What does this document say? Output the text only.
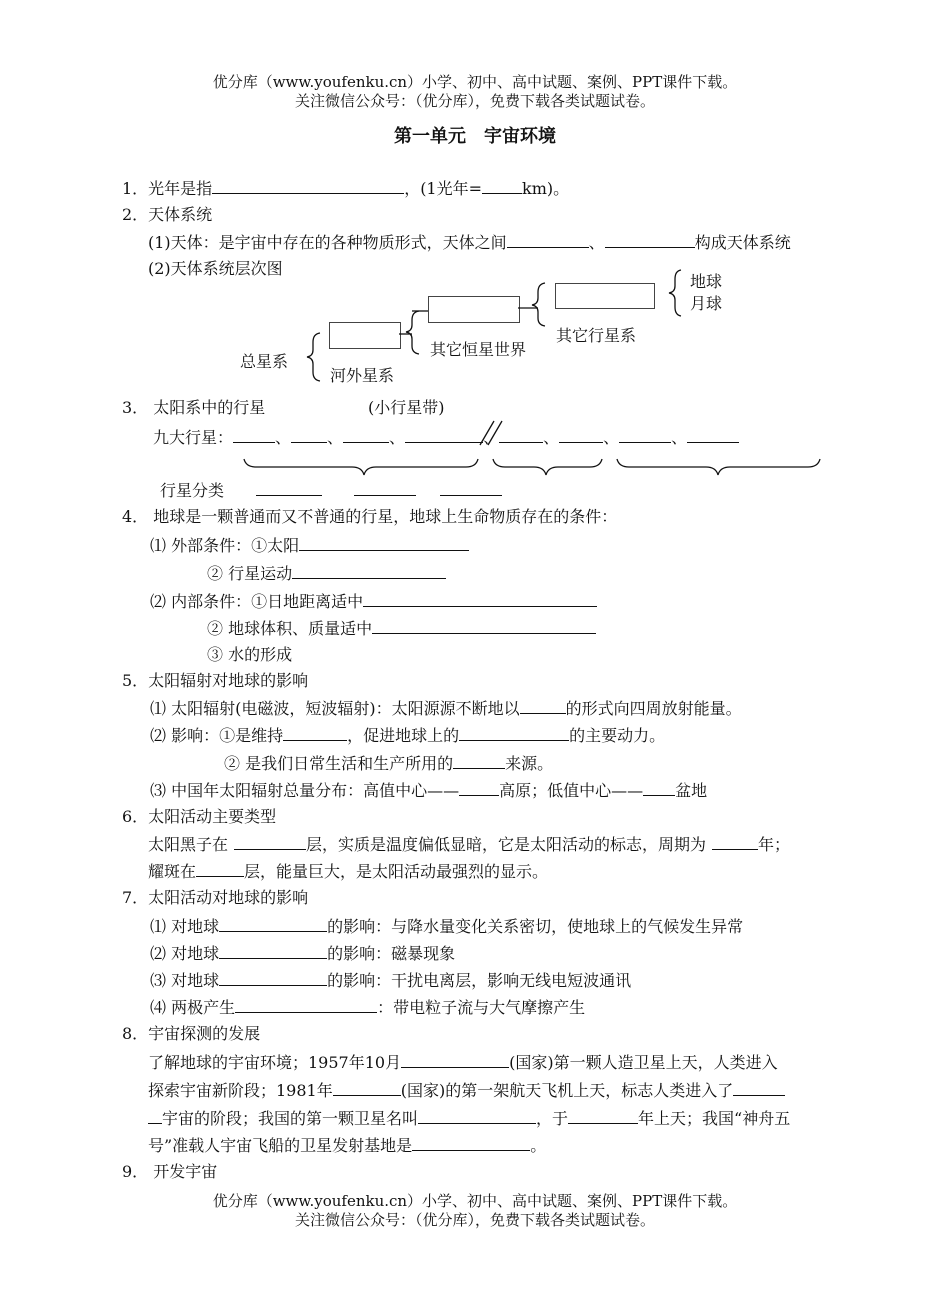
优分库（www.youfenku.cn）小学、初中、高中试题、案例、PPT课件下载。
关注微信公众号：（优分库），免费下载各类试题试卷。
第一单元　宇宙环境
1．光年是指	，(1光年=	km)。
2．天体系统
(1)天体：是宇宙中存在的各种物质形式，天体之间	、	构成天体系统
(2)天体系统层次图
地球
月球
其它行星系
其它恒星世界
总星系
河外星系
3． 太阳系中的行星	(小行星带)
九大行星：	、 、	、	、	、	、	、
行星分类
4． 地球是一颗普通而又不普通的行星，地球上生命物质存在的条件：
⑴ 外部条件：①太阳
② 行星运动
⑵ 内部条件：①日地距离适中
② 地球体积、质量适中
③ 水的形成
5．太阳辐射对地球的影响
⑴ 太阳辐射(电磁波，短波辐射)：太阳源源不断地以	的形式向四周放射能量。
⑵ 影响：①是维持	，促进地球上的	的主要动力。
② 是我们日常生活和生产所用的	来源。
⑶ 中国年太阳辐射总量分布：高值中心——	高原；低值中心—— 盆地
6．太阳活动主要类型
太阳黑子在	层，实质是温度偏低显暗，它是太阳活动的标志，周期为	年；
耀斑在	层，能量巨大，是太阳活动最强烈的显示。
7．太阳活动对地球的影响
⑴ 对地球	的影响：与降水量变化关系密切，使地球上的气候发生异常
⑵ 对地球	的影响：磁暴现象
⑶ 对地球	的影响：干扰电离层，影响无线电短波通讯
⑷ 两极产生	：带电粒子流与大气摩擦产生
8．宇宙探测的发展
了解地球的宇宙环境；1957年10月	(国家)第一颗人造卫星上天，人类进入
探索宇宙新阶段；1981年	(国家)的第一架航天飞机上天，标志人类进入了
宇宙的阶段；我国的第一颗卫星名叫	，于	年上天；我国“神舟五
号”准载人宇宙飞船的卫星发射基地是	。
9． 开发宇宙
优分库（www.youfenku.cn）小学、初中、高中试题、案例、PPT课件下载。
关注微信公众号：（优分库），免费下载各类试题试卷。
